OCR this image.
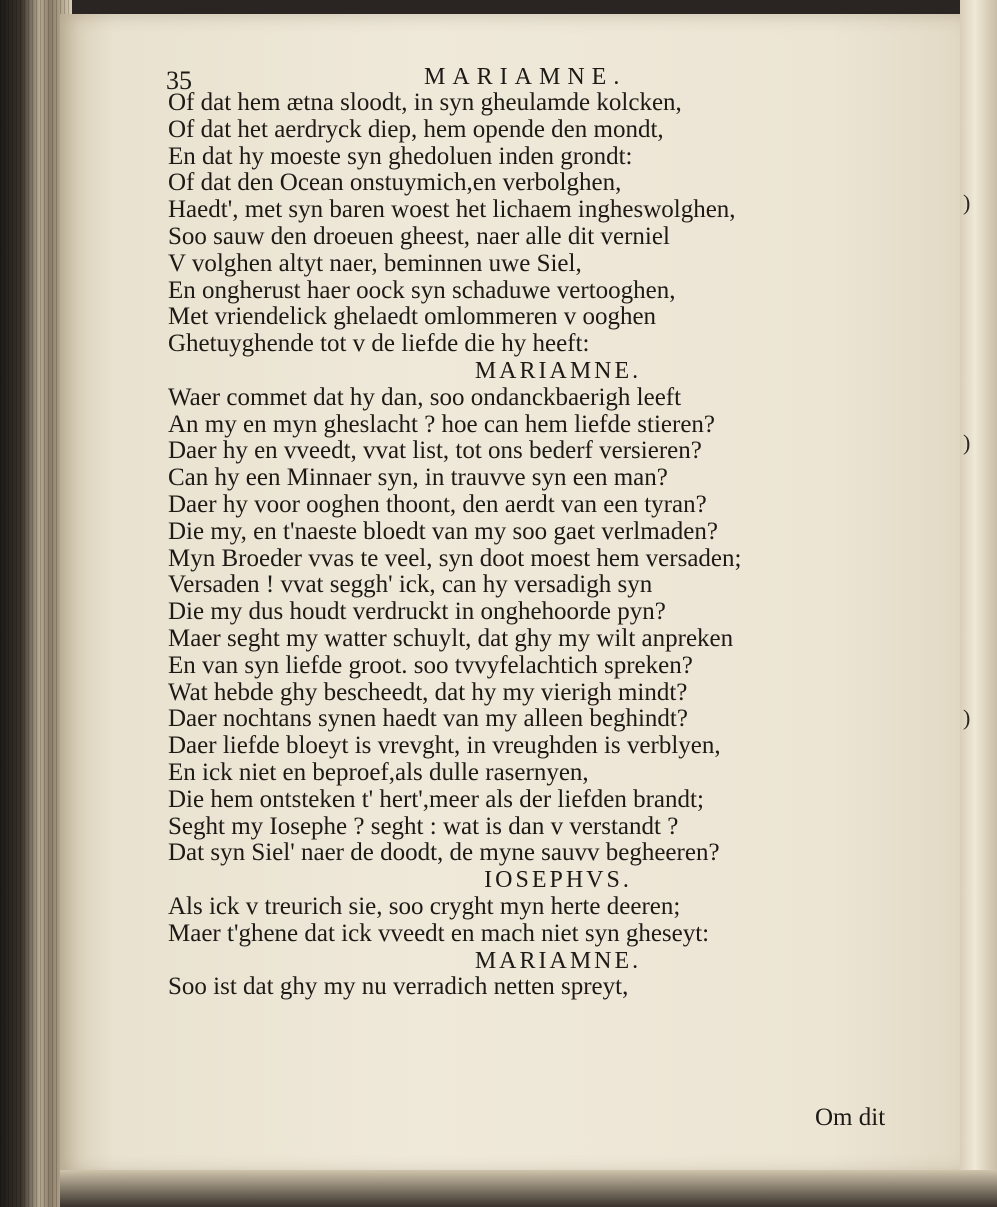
)
)
)
35	MARIAMNE.
Of dat hem ætna sloodt, in syn gheulamde kolcken,
Of dat het aerdryck diep, hem opende den mondt,
En dat hy moeste syn ghedoluen inden grondt:
Of dat den Ocean onstuymich,en verbolghen,
Haedt', met syn baren woest het lichaem ingheswolghen,
Soo sauw den droeuen gheest, naer alle dit verniel
V volghen altyt naer, beminnen uwe Siel,
En ongherust haer oock syn schaduwe vertooghen,
Met vriendelick ghelaedt omlommeren v ooghen
Ghetuyghende tot v de liefde die hy heeft:
MARIAMNE.
Waer commet dat hy dan, soo ondanckbaerigh leeft
An my en myn gheslacht ? hoe can hem liefde stieren?
Daer hy en vveedt, vvat list, tot ons bederf versieren?
Can hy een Minnaer syn, in trauvve syn een man?
Daer hy voor ooghen thoont, den aerdt van een tyran?
Die my, en t'naeste bloedt van my soo gaet verlmaden?
Myn Broeder vvas te veel, syn doot moest hem versaden;
Versaden ! vvat seggh' ick, can hy versadigh syn
Die my dus houdt verdruckt in onghehoorde pyn?
Maer seght my watter schuylt, dat ghy my wilt anpreken
En van syn liefde groot. soo tvvyfelachtich spreken?
Wat hebde ghy bescheedt, dat hy my vierigh mindt?
Daer nochtans synen haedt van my alleen beghindt?
Daer liefde bloeyt is vrevght, in vreughden is verblyen,
En ick niet en beproef,als dulle rasernyen,
Die hem ontsteken t' hert',meer als der liefden brandt;
Seght my Iosephe ? seght : wat is dan v verstandt ?
Dat syn Siel' naer de doodt, de myne sauvv begheeren?
IOSEPHVS.
Als ick v treurich sie, soo cryght myn herte deeren;
Maer t'ghene dat ick vveedt en mach niet syn gheseyt:
MARIAMNE.
Soo ist dat ghy my nu verradich netten spreyt,
Om dit
